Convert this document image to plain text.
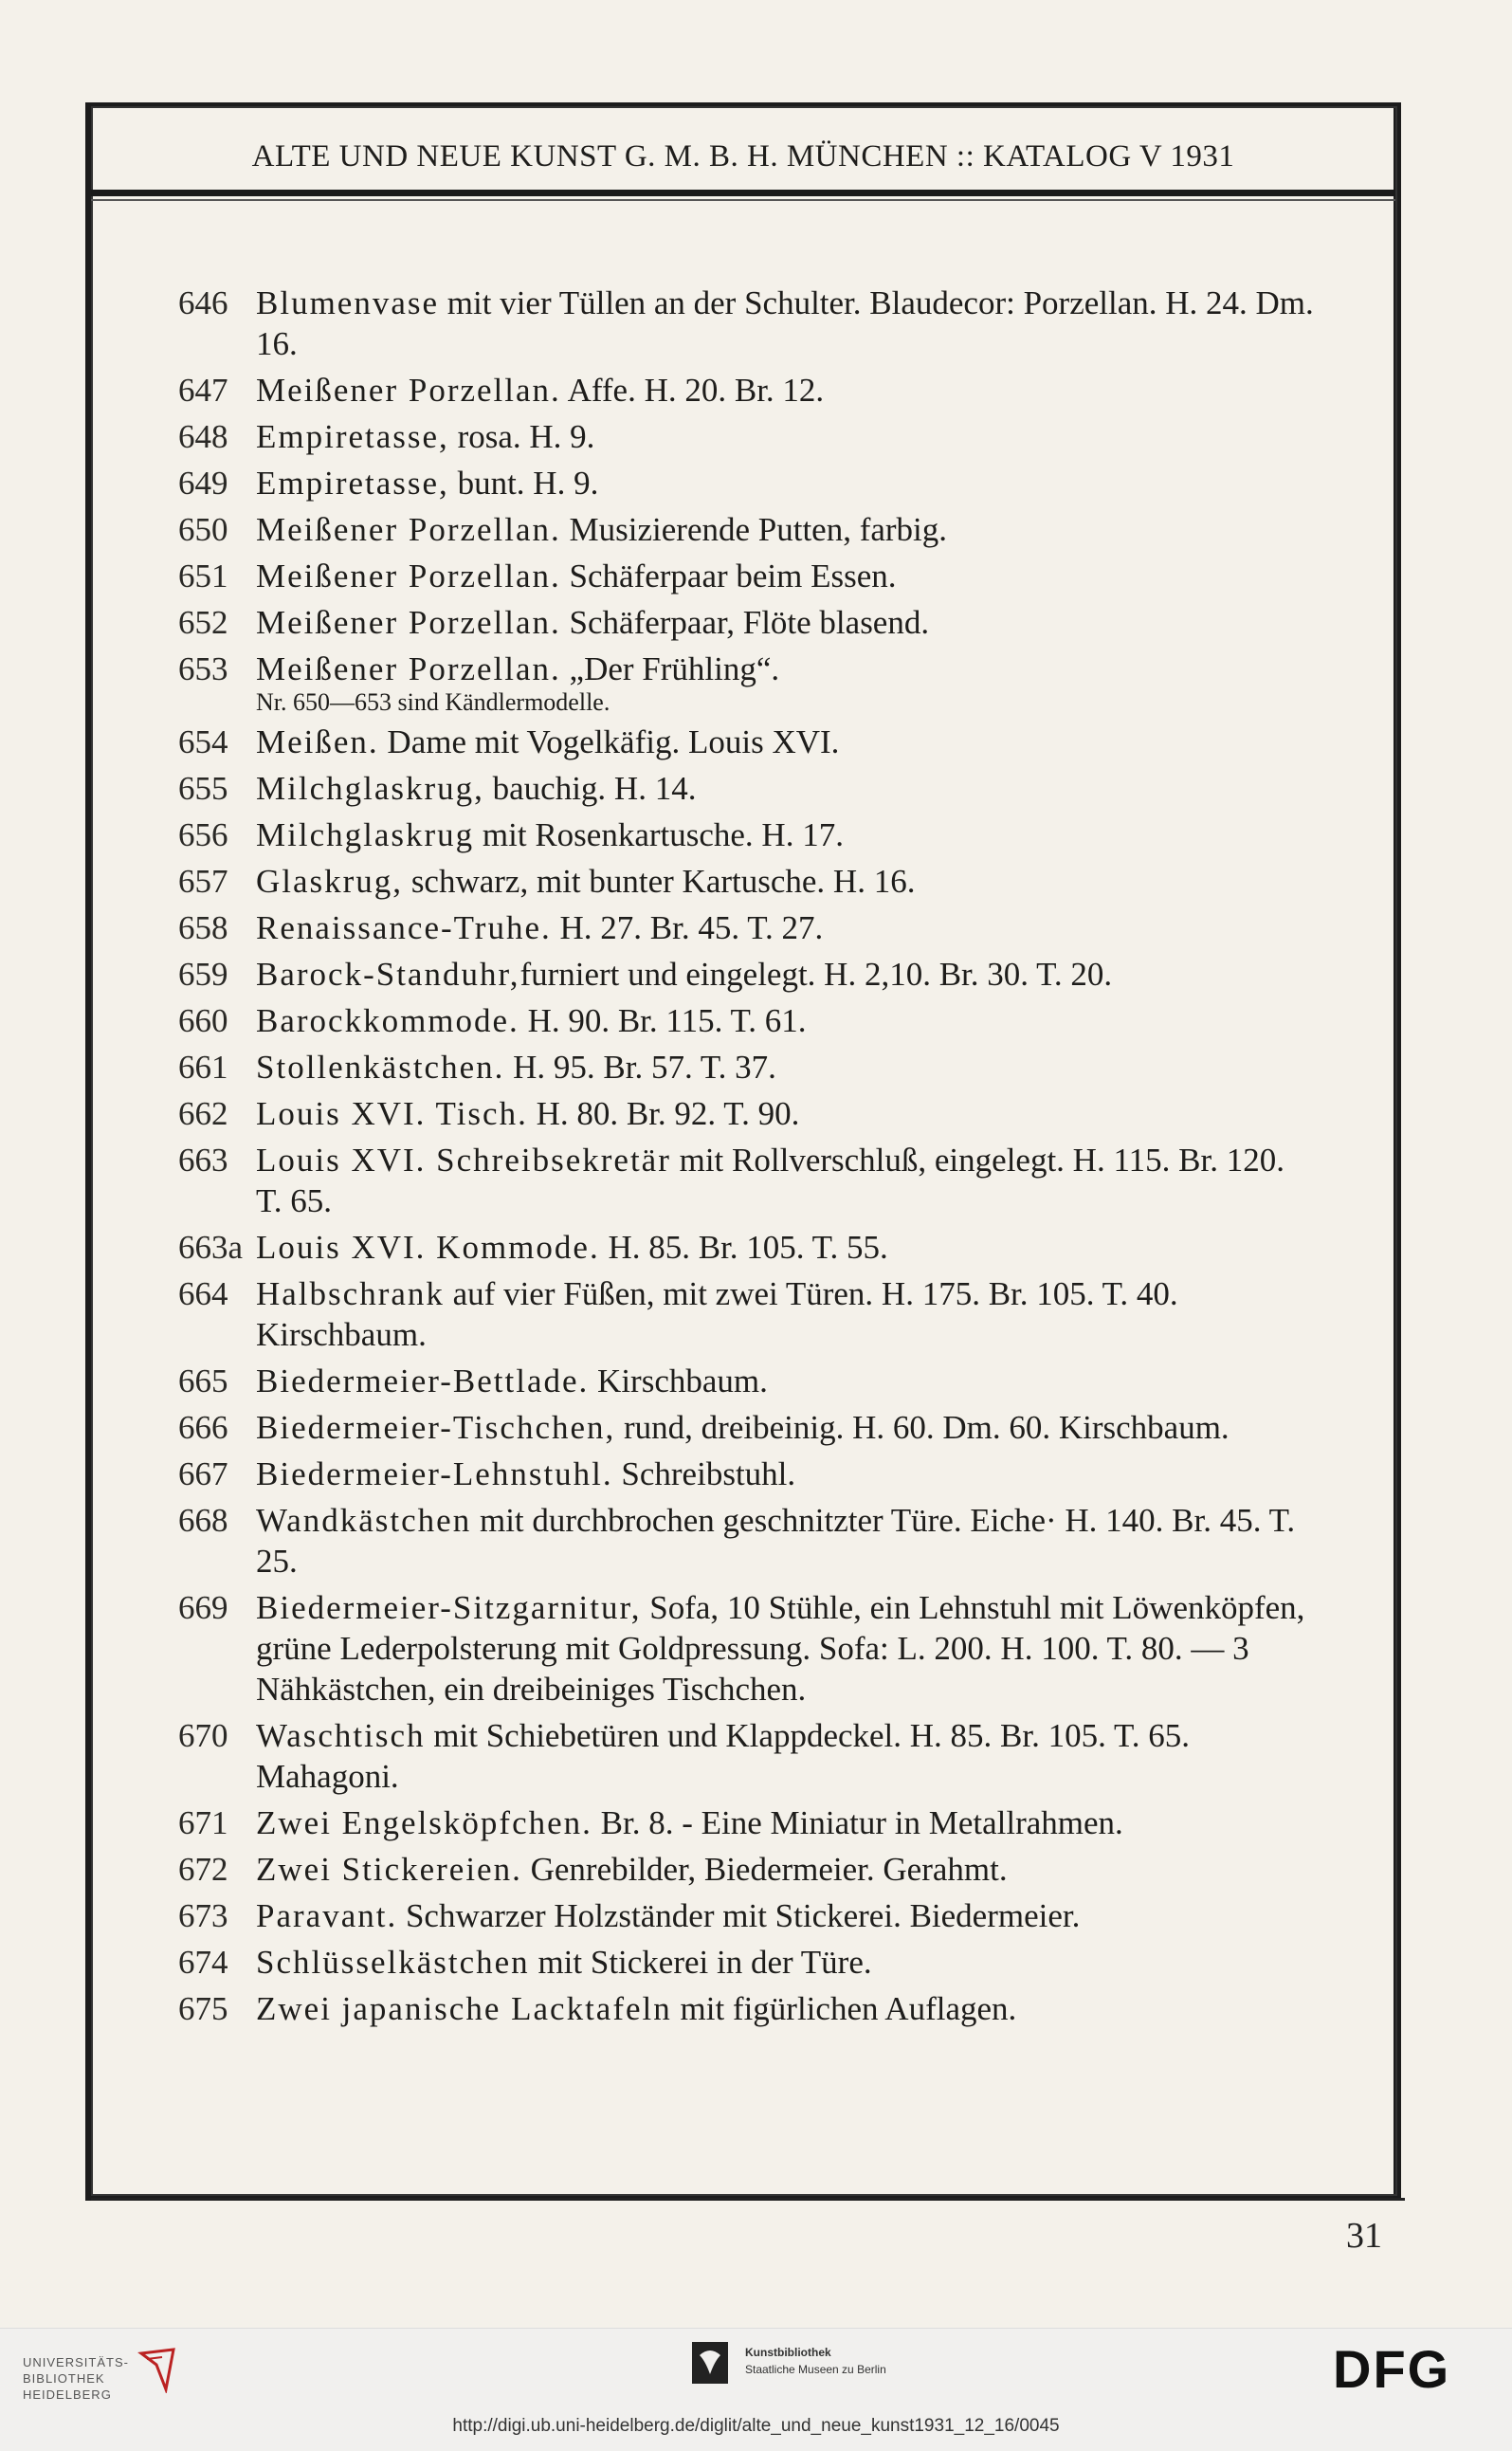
ALTE UND NEUE KUNST G. M. B. H. MÜNCHEN :: KATALOG V 1931
646 Blumenvase mit vier Tüllen an der Schulter. Blaudecor: Porzellan. H. 24. Dm. 16.
647 Meißener Porzellan. Affe. H. 20. Br. 12.
648 Empiretasse, rosa. H. 9.
649 Empiretasse, bunt. H. 9.
650 Meißener Porzellan. Musizierende Putten, farbig.
651 Meißener Porzellan. Schäferpaar beim Essen.
652 Meißener Porzellan. Schäferpaar, Flöte blasend.
653 Meißener Porzellan. „Der Frühling“.
Nr. 650—653 sind Kändlermodelle.
654 Meißen. Dame mit Vogelkäfig. Louis XVI.
655 Milchglaskrug, bauchig. H. 14.
656 Milchglaskrug mit Rosenkartusche. H. 17.
657 Glaskrug, schwarz, mit bunter Kartusche. H. 16.
658 Renaissance-Truhe. H. 27. Br. 45. T. 27.
659 Barock-Standuhr,furniert und eingelegt. H. 2,10. Br. 30. T. 20.
660 Barockkommode. H. 90. Br. 115. T. 61.
661 Stollenkästchen. H. 95. Br. 57. T. 37.
662 Louis XVI. Tisch. H. 80. Br. 92. T. 90.
663 Louis XVI. Schreibsekretär mit Rollverschluß, eingelegt. H. 115. Br. 120. T. 65.
663a Louis XVI. Kommode. H. 85. Br. 105. T. 55.
664 Halbschrank auf vier Füßen, mit zwei Türen. H. 175. Br. 105. T. 40. Kirschbaum.
665 Biedermeier-Bettlade. Kirschbaum.
666 Biedermeier-Tischchen, rund, dreibeinig. H. 60. Dm. 60. Kirschbaum.
667 Biedermeier-Lehnstuhl. Schreibstuhl.
668 Wandkästchen mit durchbrochen geschnitzter Türe. Eiche· H. 140. Br. 45. T. 25.
669 Biedermeier-Sitzgarnitur, Sofa, 10 Stühle, ein Lehnstuhl mit Löwenköpfen, grüne Lederpolsterung mit Goldpressung. Sofa: L. 200. H. 100. T. 80. — 3 Nähkästchen, ein dreibeiniges Tischchen.
670 Waschtisch mit Schiebetüren und Klappdeckel. H. 85. Br. 105. T. 65. Mahagoni.
671 Zwei Engelsköpfchen. Br. 8. - Eine Miniatur in Metallrahmen.
672 Zwei Stickereien. Genrebilder, Biedermeier. Gerahmt.
673 Paravant. Schwarzer Holzständer mit Stickerei. Biedermeier.
674 Schlüsselkästchen mit Stickerei in der Türe.
675 Zwei japanische Lacktafeln mit figürlichen Auflagen.
31
UNIVERSITÄTS-
BIBLIOTHEK
HEIDELBERG
Kunstbibliothek
Staatliche Museen zu Berlin	DFG
http://digi.ub.uni-heidelberg.de/diglit/alte_und_neue_kunst1931_12_16/0045
